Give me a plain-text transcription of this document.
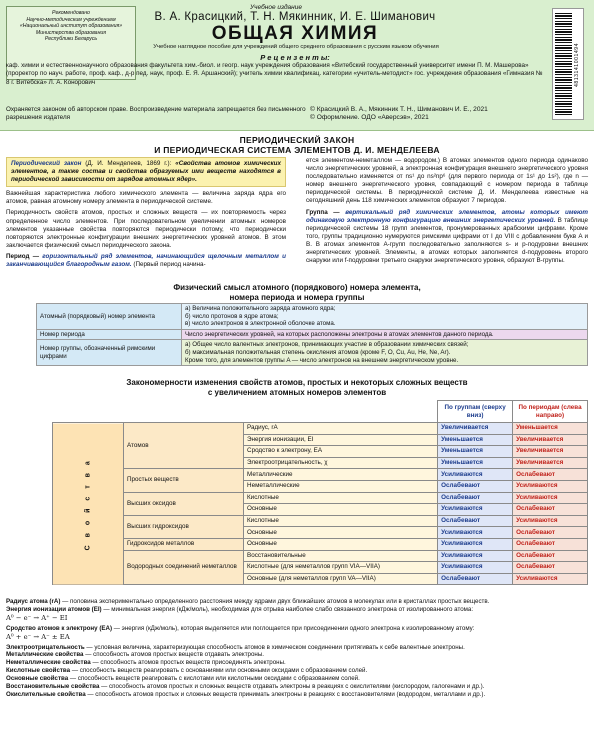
Рекомендовано
Научно-методическим учреждением
«Национальный институт образования»
Министерства образования
Республики Беларусь
Учебное издание
В. А. Красицкий, Т. Н. Мякинник, И. Е. Шиманович
ОБЩАЯ ХИМИЯ
Учебное наглядное пособие для учреждений общего среднего образования с русским языком обучения
Р е ц е н з е н т ы:
каф. химии и естественнонаучного образования факультета хим.-биол. и геогр. наук учреждения образования «Витебский государственный университет имени П. М. Машерова» (проректор по науч. работе, проф. каф., д-р пед. наук, проф. Е. Я. Аршанский); учитель химии квалификац. категории «учитель-методист» гос. учреждения образования «Гимназия № 8 г. Витебска» Л. А. Конорович
Охраняется законом об авторском праве. Воспроизведение материала запрещается без письменного разрешения издателя
© Красицкий В. А., Мякинник Т. Н., Шиманович И. Е., 2021
© Оформление. ОДО «Аверсэв», 2021
4813141001494
ПЕРИОДИЧЕСКИЙ ЗАКОН
И ПЕРИОДИЧЕСКАЯ СИСТЕМА ЭЛЕМЕНТОВ Д. И. МЕНДЕЛЕЕВА
Периодический закон (Д. И. Менделеев, 1869 г.): «Свойства атомов химических элементов, а также состав и свойства образуемых ими веществ находятся в периодической зависимости от зарядов атомных ядер».
Важнейшая характеристика любого химического элемента — величина заряда ядра его атомов, равная атомному номеру элемента в периодической системе.
Периодичность свойств атомов, простых и сложных веществ — их повторяемость через определенное число элементов. При последовательном увеличении атомных номеров элементов указанные свойства повторяются периодически потому, что периодически повторяются электронные конфигурации внешних энергетических уровней атомов. В этом заключается физический смысл периодического закона.
Период — горизонтальный ряд элементов, начинающийся щелочным металлом и заканчивающийся благородным газом. (Первый период начина-
ется элементом-неметаллом — водородом.) В атомах элементов одного периода одинаково число энергетических уровней, а электронная конфигурация внешнего энергетического уровня последовательно изменяется от ns¹ до ns²np⁶ (для первого периода от 1s¹ до 1s²), где n — номер внешнего энергетического уровня, совпадающий с номером периода в таблице периодической системы. В периодической системе Д. И. Менделеева известные на сегодняшний день 118 химических элементов образуют 7 периодов.
Группа — вертикальный ряд химических элементов, атомы которых имеют одинаковую электронную конфигурацию внешних энергетических уровней. В таблице периодической системы 18 групп элементов, пронумерованных арабскими цифрами. Кроме того, группы традиционно нумеруются римскими цифрами от I до VIII с добавлением букв A и B. В атомах элементов A-групп последовательно заполняются s- и p-подуровни внешних энергетических уровней. Элементы, в атомах которых заполняется d-подуровень второго снаружи или f-подуровни третьего снаружи энергетического уровня, образуют B-группы.
Физический смысл атомного (порядкового) номера элемента,
номера периода и номера группы
Атомный (порядковый) номер элемента	а) Величина положительного заряда атомного ядра;
б) число протонов в ядре атома;
в) число электронов в электронной оболочке атома.

Номер периода	Число энергетических уровней, на которых расположены электроны в атомах элементов данного периода.

Номер группы, обозначенный римскими цифрами	а) Общее число валентных электронов, принимающих участие в образовании химических связей;
б) максимальная положительная степень окисления атомов (кроме F, O, Cu, Au, He, Ne, Ar).
Кроме того, для элементов группы A — число электронов на внешнем энергетическом уровне.
Закономерности изменения свойств атомов, простых и некоторых сложных веществ
с увеличением атомных номеров элементов
			По группам (сверху вниз)	По периодам (слева направо)
С в о й с т в а	Атомов	Радиус, rА	Увеличивается	Уменьшается
		Энергия ионизации, EI	Уменьшается	Увеличивается
		Сродство к электрону, EА	Уменьшается	Увеличивается
		Электроотрицательность, χ	Уменьшается	Увеличивается
	Простых веществ	Металлические	Усиливаются	Ослабевают
		Неметаллические	Ослабевают	Усиливаются
	Высших оксидов	Кислотные	Ослабевают	Усиливаются
		Основные	Усиливаются	Ослабевают
	Высших гидроксидов	Кислотные	Ослабевают	Усиливаются
		Основные	Усиливаются	Ослабевают
	Гидроксидов металлов	Основные	Усиливаются	Ослабевают
	Водородных соединений неметаллов	Восстановительные	Усиливаются	Ослабевают
		Кислотные (для неметаллов групп VIA—VIIA)	Усиливаются	Ослабевают
		Основные (для неметаллов групп VA—VIIA)	Ослабевают	Усиливаются
Радиус атома (rА) — половина экспериментально определенного расстояния между ядрами двух ближайших атомов в молекулах или в кристаллах простых веществ.
Энергия ионизации атомов (EI) — минимальная энергия (кДж/моль), необходимая для отрыва наиболее слабо связанного электрона от изолированного атома:
A⁰ − e⁻ → A⁺ − EI
Сродство атомов к электрону (EА) — энергия (кДж/моль), которая выделяется или поглощается при присоединении одного электрона к изолированному атому:
A⁰ + e⁻ → A⁻ ± EА
Электроотрицательность — условная величина, характеризующая способность атомов в химическом соединении притягивать к себе валентные электроны.
Металлические свойства — способность атомов простых веществ отдавать электроны.
Неметаллические свойства — способность атомов простых веществ присоединять электроны.
Кислотные свойства — способность веществ реагировать с основаниями или основными оксидами с образованием солей.
Основные свойства — способность веществ реагировать с кислотами или кислотными оксидами с образованием солей.
Восстановительные свойства — способность атомов простых и сложных веществ отдавать электроны в реакциях с окислителями (кислородом, галогенами и др.).
Окислительные свойства — способность атомов простых и сложных веществ принимать электроны в реакциях с восстановителями (водородом, металлами и др.).
